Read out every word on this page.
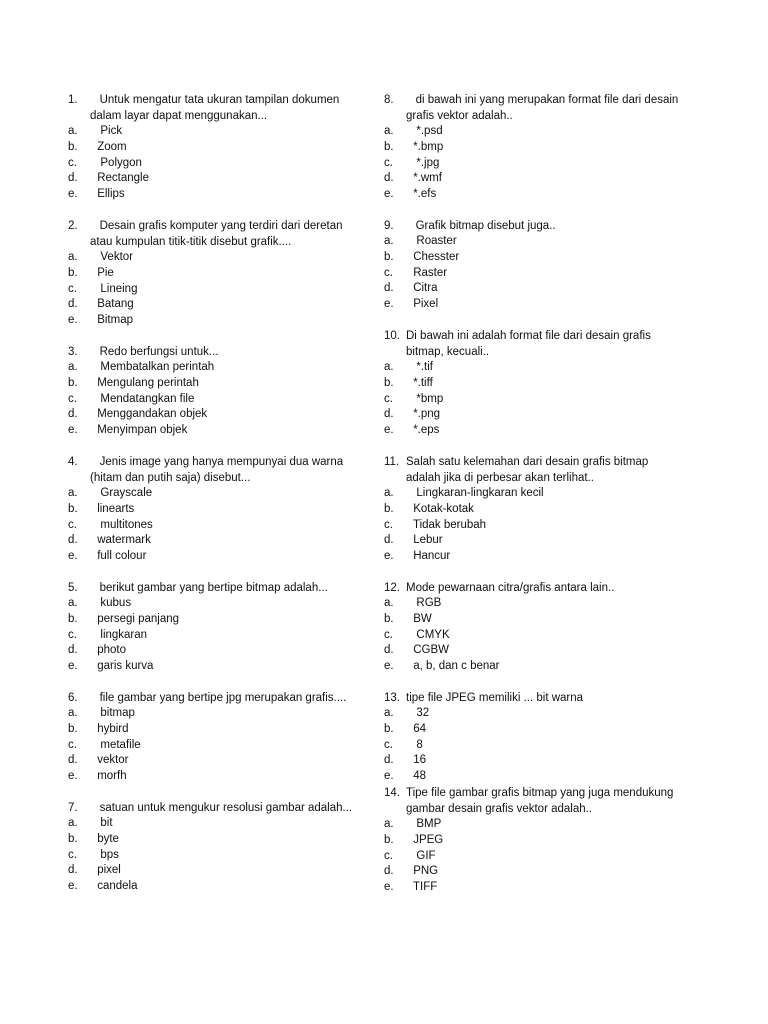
1.	Untuk mengatur tata ukuran tampilan dokumen dalam layar dapat menggunakan...
a. Pick
b. Zoom
c. Polygon
d. Rectangle
e. Ellips
2.	Desain grafis komputer yang terdiri dari deretan atau kumpulan titik-titik disebut grafik....
a. Vektor
b. Pie
c. Lineing
d. Batang
e. Bitmap
3.	Redo berfungsi untuk...
a. Membatalkan perintah
b. Mengulang perintah
c. Mendatangkan file
d. Menggandakan objek
e. Menyimpan objek
4.	Jenis image yang hanya mempunyai dua warna (hitam dan putih saja) disebut...
a. Grayscale
b. linearts
c. multitones
d. watermark
e. full colour
5.	berikut gambar yang bertipe bitmap adalah...
a. kubus
b. persegi panjang
c. lingkaran
d. photo
e. garis kurva
6.	file gambar yang bertipe jpg merupakan grafis....
a. bitmap
b. hybird
c. metafile
d. vektor
e. morfh
7.	satuan untuk mengukur resolusi gambar adalah...
a. bit
b. byte
c. bps
d. pixel
e. candela
8.	di bawah ini yang merupakan format file dari desain grafis vektor adalah..
a. *.psd
b. *.bmp
c. *.jpg
d. *.wmf
e. *.efs
9.	Grafik bitmap disebut juga..
a. Roaster
b. Chesster
c. Raster
d. Citra
e. Pixel
10. Di bawah ini adalah format file dari desain grafis bitmap, kecuali..
a. *.tif
b. *.tiff
c. *bmp
d. *.png
e. *.eps
11. Salah satu kelemahan dari desain grafis bitmap adalah jika di perbesar akan terlihat..
a. Lingkaran-lingkaran kecil
b. Kotak-kotak
c. Tidak berubah
d. Lebur
e. Hancur
12. Mode pewarnaan citra/grafis antara lain..
a. RGB
b. BW
c. CMYK
d. CGBW
e. a, b, dan c benar
13. tipe file JPEG memiliki ... bit warna
a. 32
b. 64
c. 8
d. 16
e. 48
14. Tipe file gambar grafis bitmap yang juga mendukung gambar desain grafis vektor adalah..
a. BMP
b. JPEG
c. GIF
d. PNG
e. TIFF
